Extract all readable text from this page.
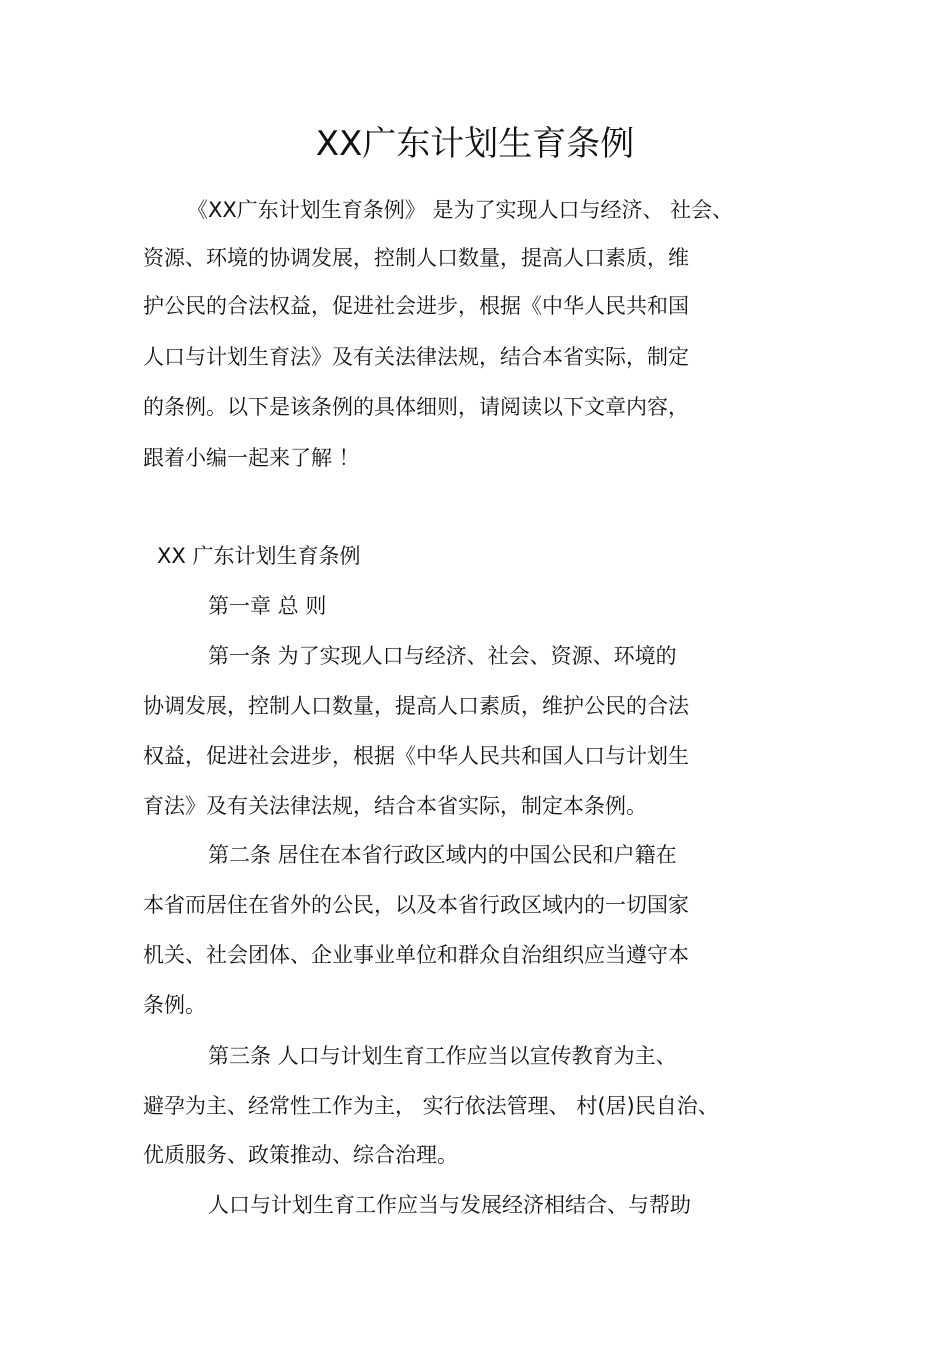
XX广东计划生育条例

《XX广东计划生育条例》 是为了实现人口与经济、 社会、

资源、环境的协调发展，控制人口数量，提高人口素质，维

护公民的合法权益，促进社会进步，根据《中华人民共和国

人口与计划生育法》及有关法律法规，结合本省实际，制定

的条例。以下是该条例的具体细则，请阅读以下文章内容，

跟着小编一起来了解 ！

XX 广东计划生育条例

第一章 总 则

第一条 为了实现人口与经济、社会、资源、环境的

协调发展，控制人口数量，提高人口素质，维护公民的合法

权益，促进社会进步，根据《中华人民共和国人口与计划生

育法》及有关法律法规，结合本省实际，制定本条例。

第二条 居住在本省行政区域内的中国公民和户籍在

本省而居住在省外的公民，以及本省行政区域内的一切国家

机关、社会团体、企业事业单位和群众自治组织应当遵守本

条例。

第三条 人口与计划生育工作应当以宣传教育为主、

避孕为主、经常性工作为主， 实行依法管理、 村(居)民自治、

优质服务、政策推动、综合治理。

人口与计划生育工作应当与发展经济相结合、与帮助
